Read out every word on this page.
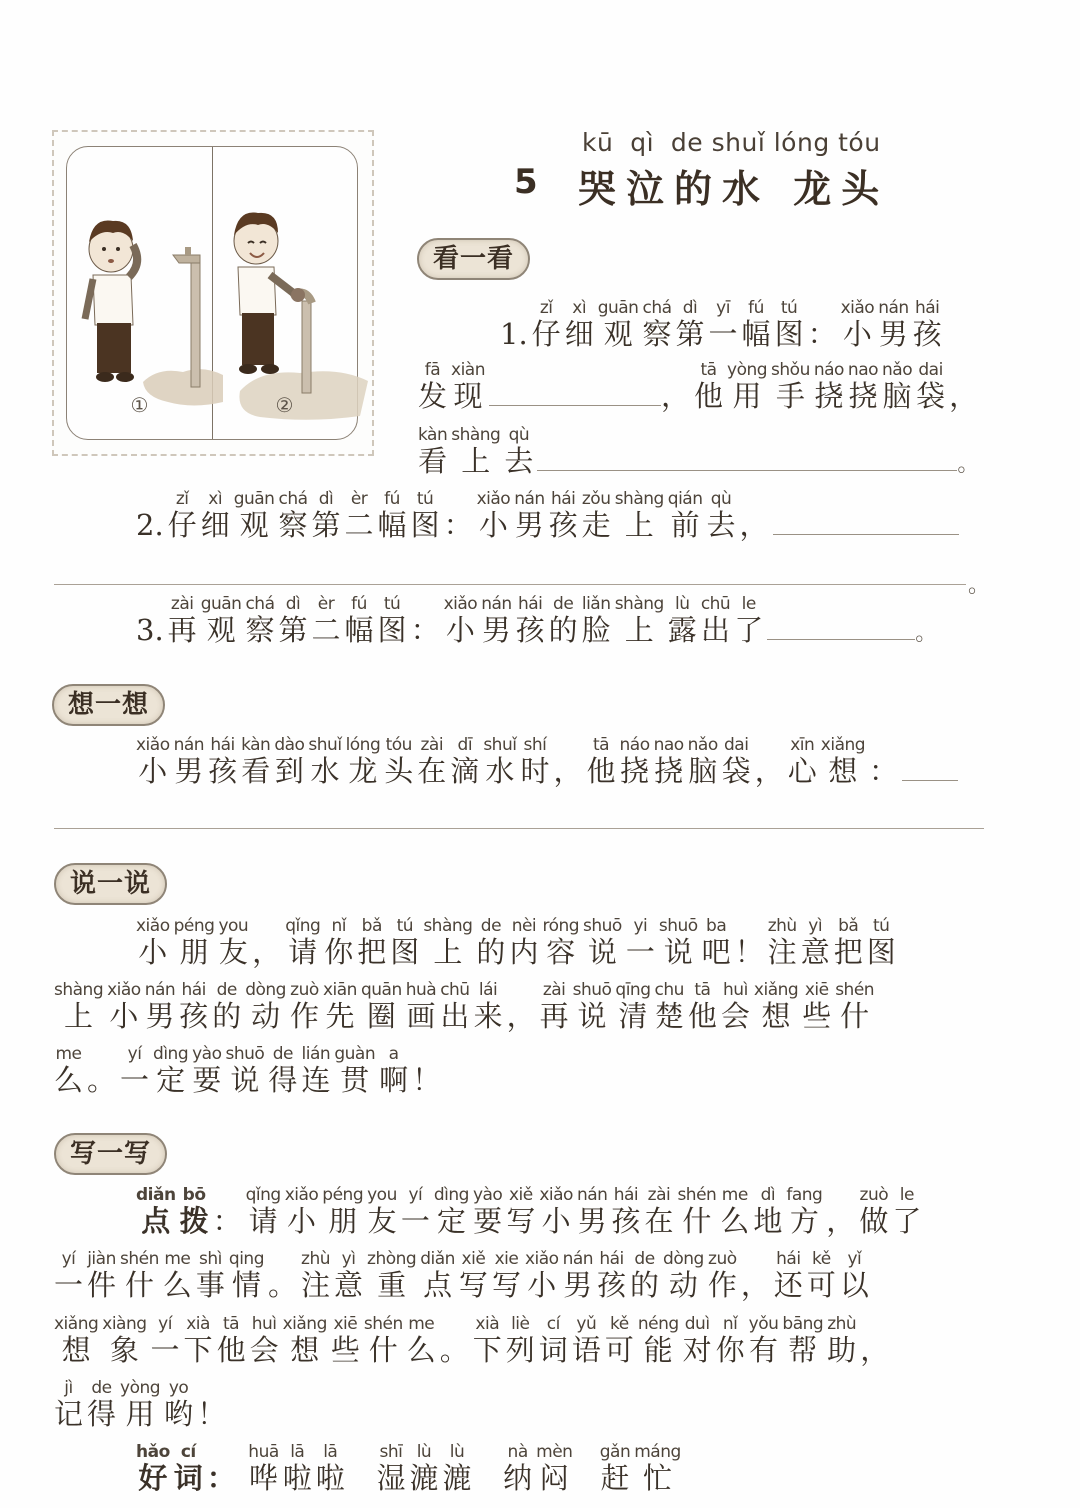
①	②
kū  qì  de shuǐ lóng tóu
5 哭泣的水 龙头
看一看
1. 仔zǐ细xì观guān察chá第dì一yī幅fú图tú： 小xiǎo男nán孩hái
发fā现xiàn， 他tā用yòng手shǒu挠náo挠nao脑nǎo袋dai，
看kàn上shàng去qù。
2. 仔zǐ细xì观guān察chá第dì二èr幅fú图tú： 小xiǎo男nán孩hái走zǒu上shàng前qián去qù，
。
3. 再zài观guān察chá第dì二èr幅fú图tú： 小xiǎo男nán孩hái的de脸liǎn上shàng露lù出chū了le。
想一想
小xiǎo男nán孩hái看kàn到dào水shuǐ龙lóng头tóu在zài滴dī水shuǐ时shí， 他tā挠náo挠nao脑nǎo袋dai， 心xīn想xiǎng：
说一说
小xiǎo朋péng友you， 请qǐng你nǐ把bǎ图tú上shàng的de内nèi容róng说shuō一yi说shuō吧ba！ 注zhù意yì把bǎ图tú
上shàng小xiǎo男nán孩hái的de动dòng作zuò先xiān圈quān画huà出chū来lái， 再zài说shuō清qīng楚chu他tā会huì想xiǎng些xiē什shén
么me。 一yí定dìng要yào说shuō得de连lián贯guàn啊a！
写一写
点diǎn拨bō： 请qǐng小xiǎo朋péng友you一yí定dìng要yào写xiě小xiǎo男nán孩hái在zài什shén么me地dì方fang， 做zuò了le
一yí件jiàn什shén么me事shì情qing。 注zhù意yì重zhòng点diǎn写xiě写xie小xiǎo男nán孩hái的de动dòng作zuò， 还hái可kě以yǐ
想xiǎng象xiàng一yí下xià他tā会huì想xiǎng些xiē什shén么me。 下xià列liè词cí语yǔ可kě能néng对duì你nǐ有yǒu帮bāng助zhù，
记jì得de用yòng哟yo！
好hǎo词cí： 哗huā啦lā啦lā   湿shī漉lù漉lù   纳nà闷mèn   赶gǎn忙máng
